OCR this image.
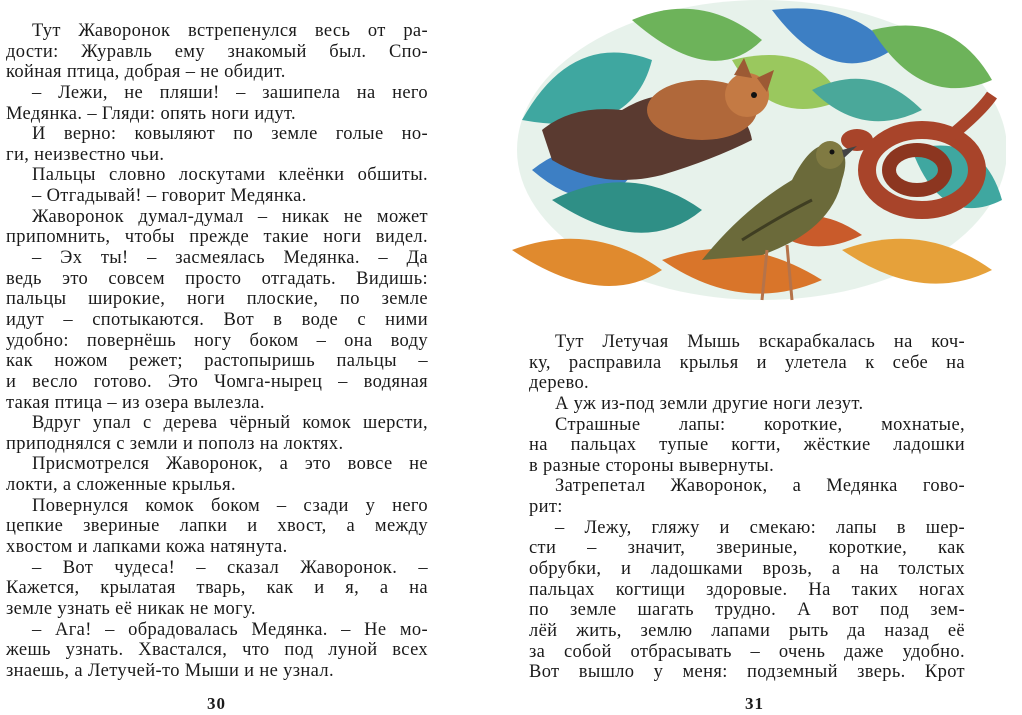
Тут Жаворонок встрепенулся весь от ра-
дости: Журавль ему знакомый был. Спо-
койная птица, добрая – не обидит.
– Лежи, не пляши! – зашипела на него
Медянка. – Гляди: опять ноги идут.
И верно: ковыляют по земле голые но-
ги, неизвестно чьи.
Пальцы словно лоскутами клеёнки обшиты.
– Отгадывай! – говорит Медянка.
Жаворонок думал-думал – никак не может
припомнить, чтобы прежде такие ноги видел.
– Эх ты! – засмеялась Медянка. – Да
ведь это совсем просто отгадать. Видишь:
пальцы широкие, ноги плоские, по земле
идут – спотыкаются. Вот в воде с ними
удобно: повернёшь ногу боком – она воду
как ножом режет; растопыришь пальцы –
и весло готово. Это Чомга-нырец – водяная
такая птица – из озера вылезла.
Вдруг упал с дерева чёрный комок шерсти,
приподнялся с земли и пополз на локтях.
Присмотрелся Жаворонок, а это вовсе не
локти, а сложенные крылья.
Повернулся комок боком – сзади у него
цепкие звериные лапки и хвост, а между
хвостом и лапками кожа натянута.
– Вот чудеса! – сказал Жаворонок. –
Кажется, крылатая тварь, как и я, а на
земле узнать её никак не могу.
– Ага! – обрадовалась Медянка. – Не мо-
жешь узнать. Хвастался, что под луной всех
знаешь, а Летучей-то Мыши и не узнал.
30
Тут Летучая Мышь вскарабкалась на коч-
ку, расправила крылья и улетела к себе на
дерево.
А уж из-под земли другие ноги лезут.
Страшные лапы: короткие, мохнатые,
на пальцах тупые когти, жёсткие ладошки
в разные стороны вывернуты.
Затрепетал Жаворонок, а Медянка гово-
рит:
– Лежу, гляжу и смекаю: лапы в шер-
сти – значит, звериные, короткие, как
обрубки, и ладошками врозь, а на толстых
пальцах когтищи здоровые. На таких ногах
по земле шагать трудно. А вот под зем-
лёй жить, землю лапами рыть да назад её
за собой отбрасывать – очень даже удобно.
Вот вышло у меня: подземный зверь. Крот
31
